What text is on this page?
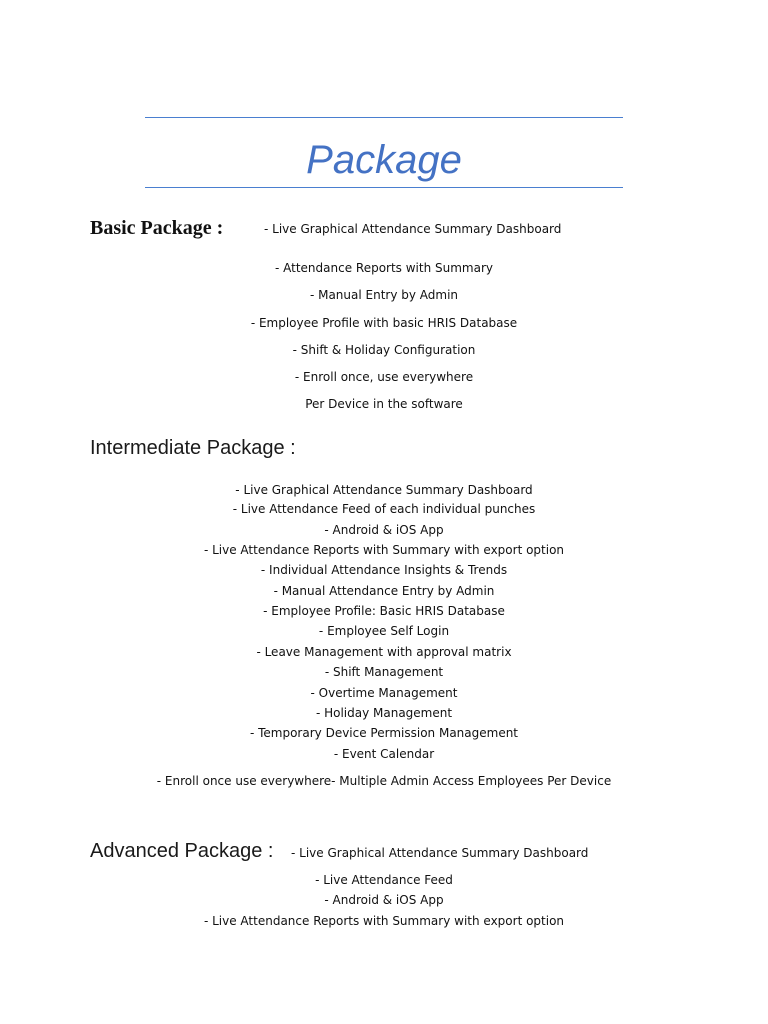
Package
Basic Package :	- Live Graphical Attendance Summary Dashboard
- Attendance Reports with Summary
- Manual Entry by Admin
- Employee Profile with basic HRIS Database
- Shift & Holiday Configuration
- Enroll once, use everywhere
Per Device in the software
Intermediate Package :
- Live Graphical Attendance Summary Dashboard
- Live Attendance Feed of each individual punches
- Android & iOS App
- Live Attendance Reports with Summary with export option
- Individual Attendance Insights & Trends
- Manual Attendance Entry by Admin
- Employee Profile: Basic HRIS Database
- Employee Self Login
- Leave Management with approval matrix
- Shift Management
- Overtime Management
- Holiday Management
- Temporary Device Permission Management
- Event Calendar
- Enroll once use everywhere- Multiple Admin Access Employees Per Device
Advanced Package : - Live Graphical Attendance Summary Dashboard
- Live Attendance Feed
- Android & iOS App
- Live Attendance Reports with Summary with export option
